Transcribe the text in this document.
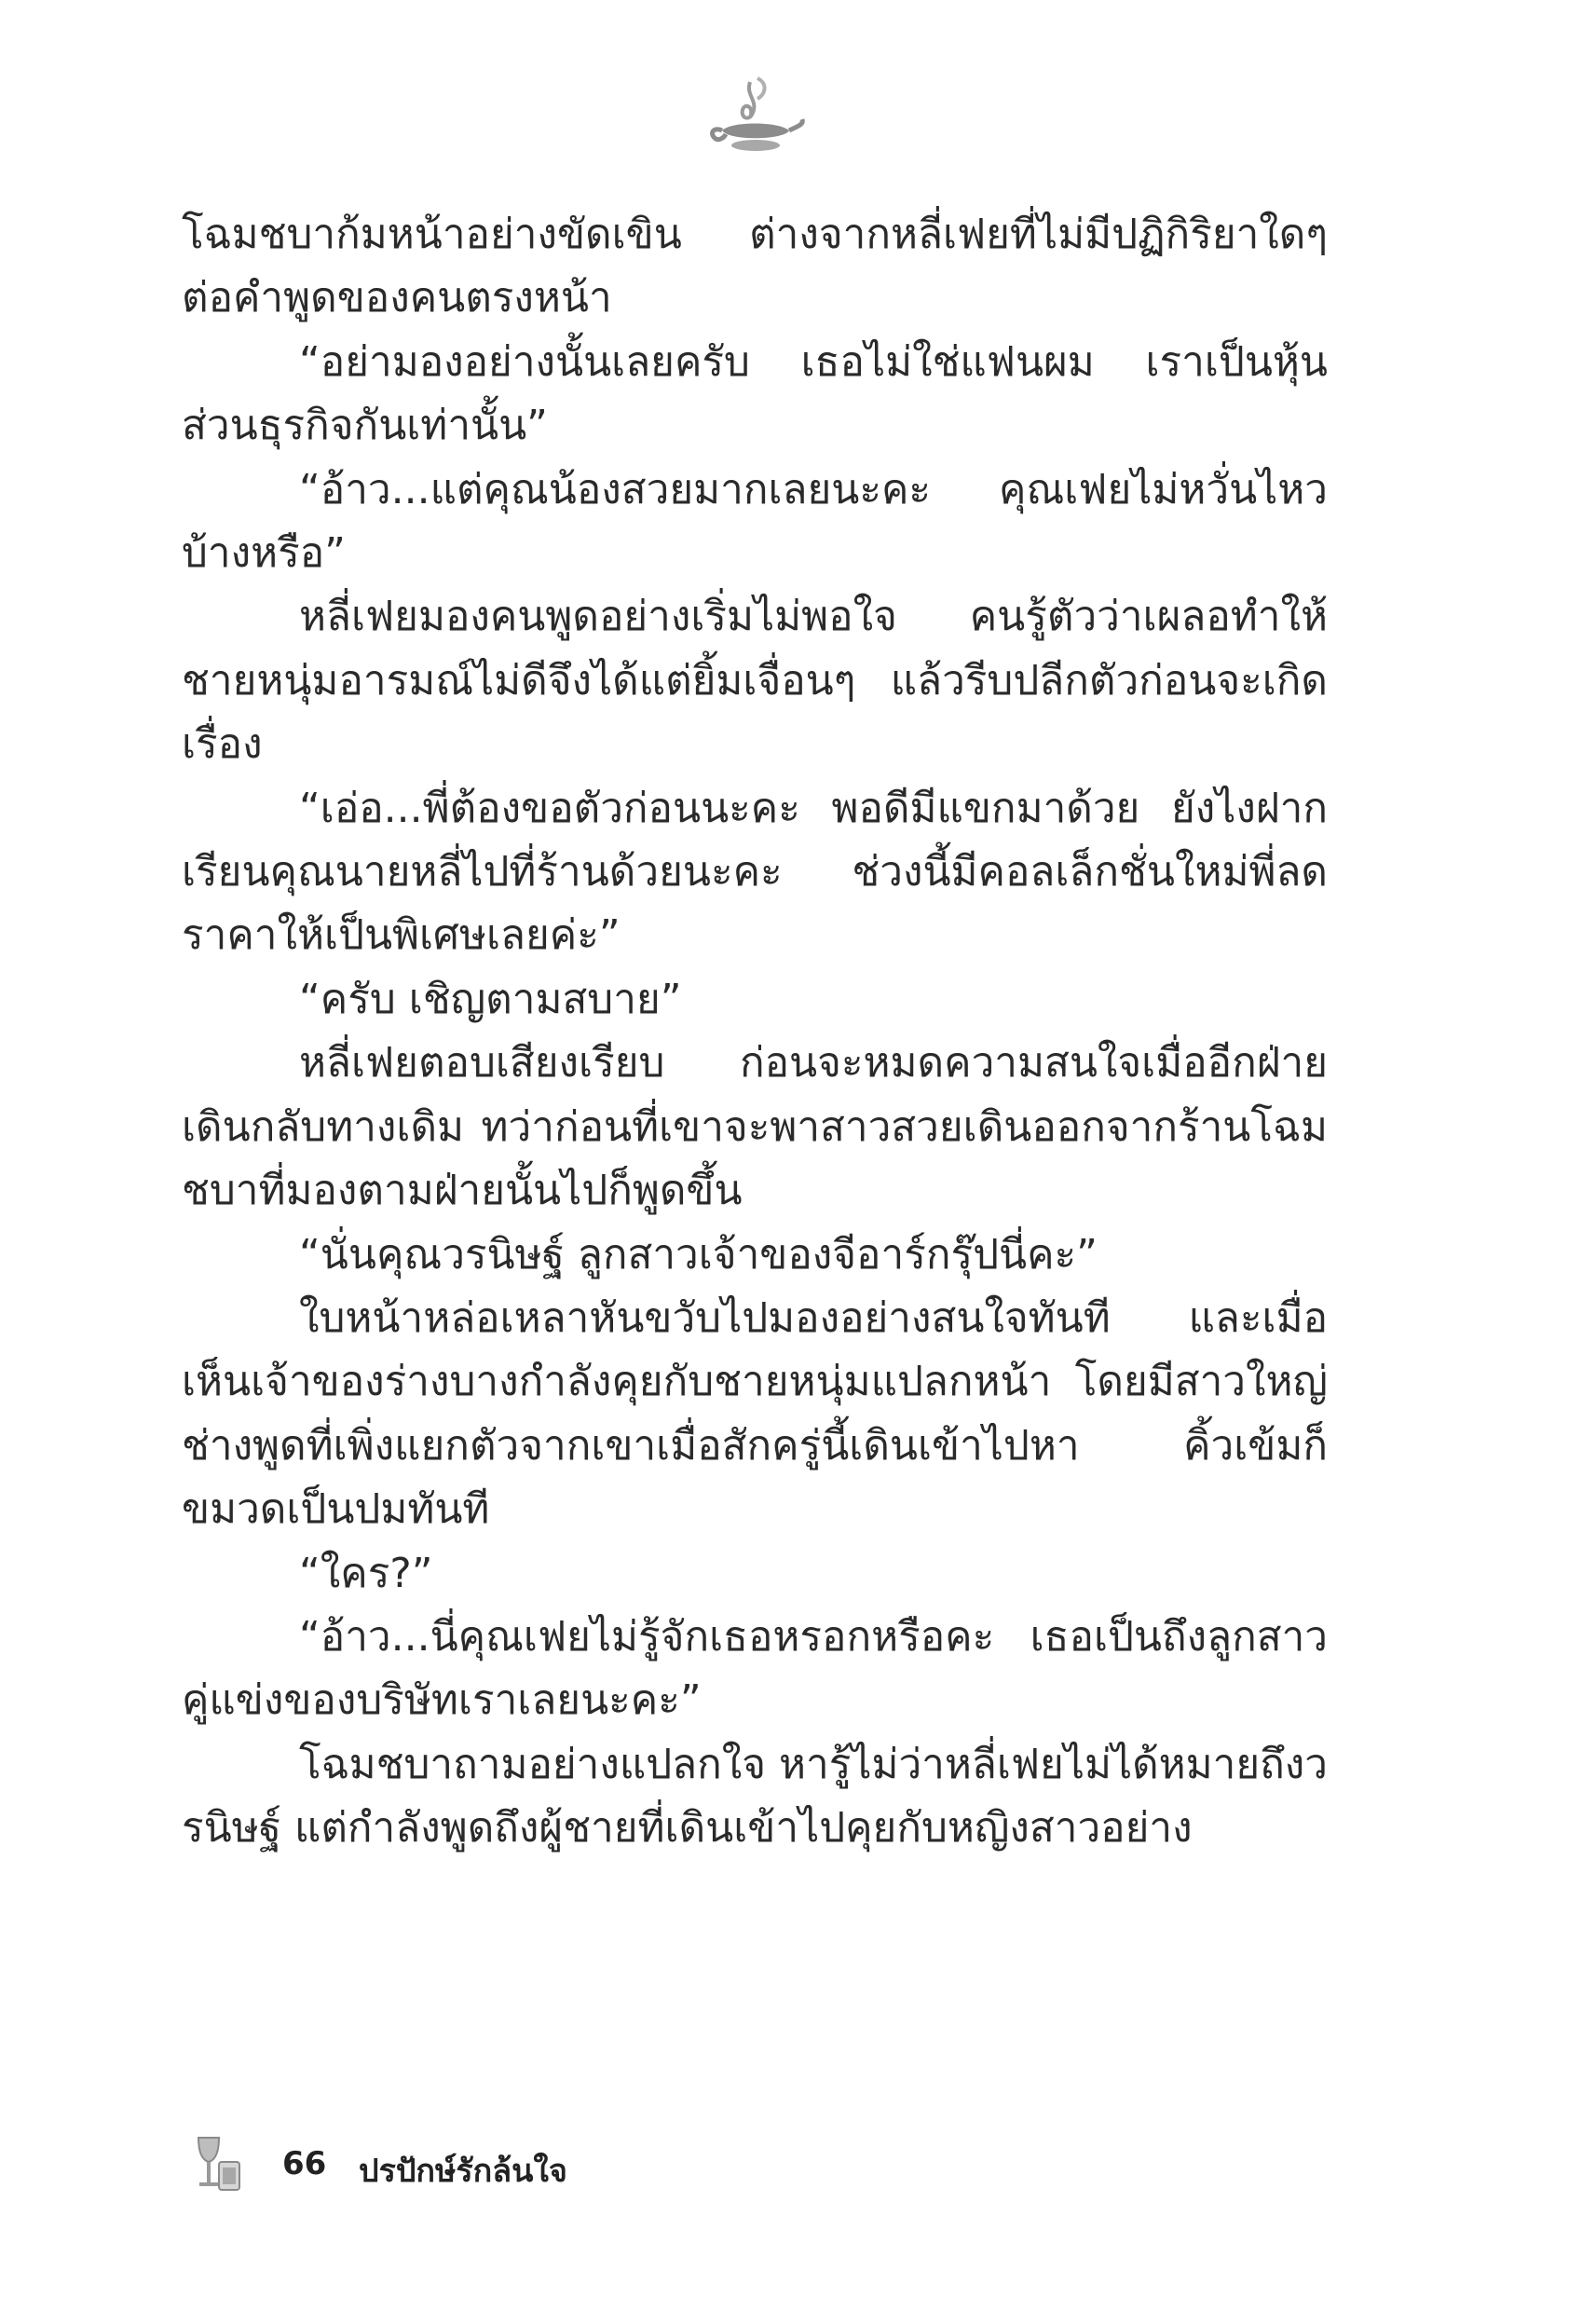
โฉมชบาก้มหน้าอย่างขัดเขิน ต่างจากหลี่เฟยที่ไม่มีปฏิกิริยาใดๆ ต่อคำพูดของคนตรงหน้า

“อย่ามองอย่างนั้นเลยครับ เธอไม่ใช่แฟนผม เราเป็นหุ้นส่วนธุรกิจกันเท่านั้น”

“อ้าว...แต่คุณน้องสวยมากเลยนะคะ คุณเฟยไม่หวั่นไหวบ้างหรือ”

หลี่เฟยมองคนพูดอย่างเริ่มไม่พอใจ คนรู้ตัวว่าเผลอทำให้ชายหนุ่มอารมณ์ไม่ดีจึงได้แต่ยิ้มเจื่อนๆ แล้วรีบปลีกตัวก่อนจะเกิดเรื่อง

“เอ่อ...พี่ต้องขอตัวก่อนนะคะ พอดีมีแขกมาด้วย ยังไงฝากเรียนคุณนายหลี่ไปที่ร้านด้วยนะคะ ช่วงนี้มีคอลเล็กชั่นใหม่พี่ลดราคาให้เป็นพิเศษเลยค่ะ”

“ครับ เชิญตามสบาย”

หลี่เฟยตอบเสียงเรียบ ก่อนจะหมดความสนใจเมื่ออีกฝ่ายเดินกลับทางเดิม ทว่าก่อนที่เขาจะพาสาวสวยเดินออกจากร้านโฉมชบาที่มองตามฝ่ายนั้นไปก็พูดขึ้น

“นั่นคุณวรนิษฐ์ ลูกสาวเจ้าของจีอาร์กรุ๊ปนี่คะ”

ใบหน้าหล่อเหลาหันขวับไปมองอย่างสนใจทันที และเมื่อเห็นเจ้าของร่างบางกำลังคุยกับชายหนุ่มแปลกหน้า โดยมีสาวใหญ่ช่างพูดที่เพิ่งแยกตัวจากเขาเมื่อสักครู่นี้เดินเข้าไปหา คิ้วเข้มก็ขมวดเป็นปมทันที

“ใคร?”

“อ้าว...นี่คุณเฟยไม่รู้จักเธอหรอกหรือคะ เธอเป็นถึงลูกสาวคู่แข่งของบริษัทเราเลยนะคะ”

โฉมชบาถามอย่างแปลกใจ หารู้ไม่ว่าหลี่เฟยไม่ได้หมายถึงวรนิษฐ์ แต่กำลังพูดถึงผู้ชายที่เดินเข้าไปคุยกับหญิงสาวอย่าง

66 ปรปักษ์รักล้นใจ
